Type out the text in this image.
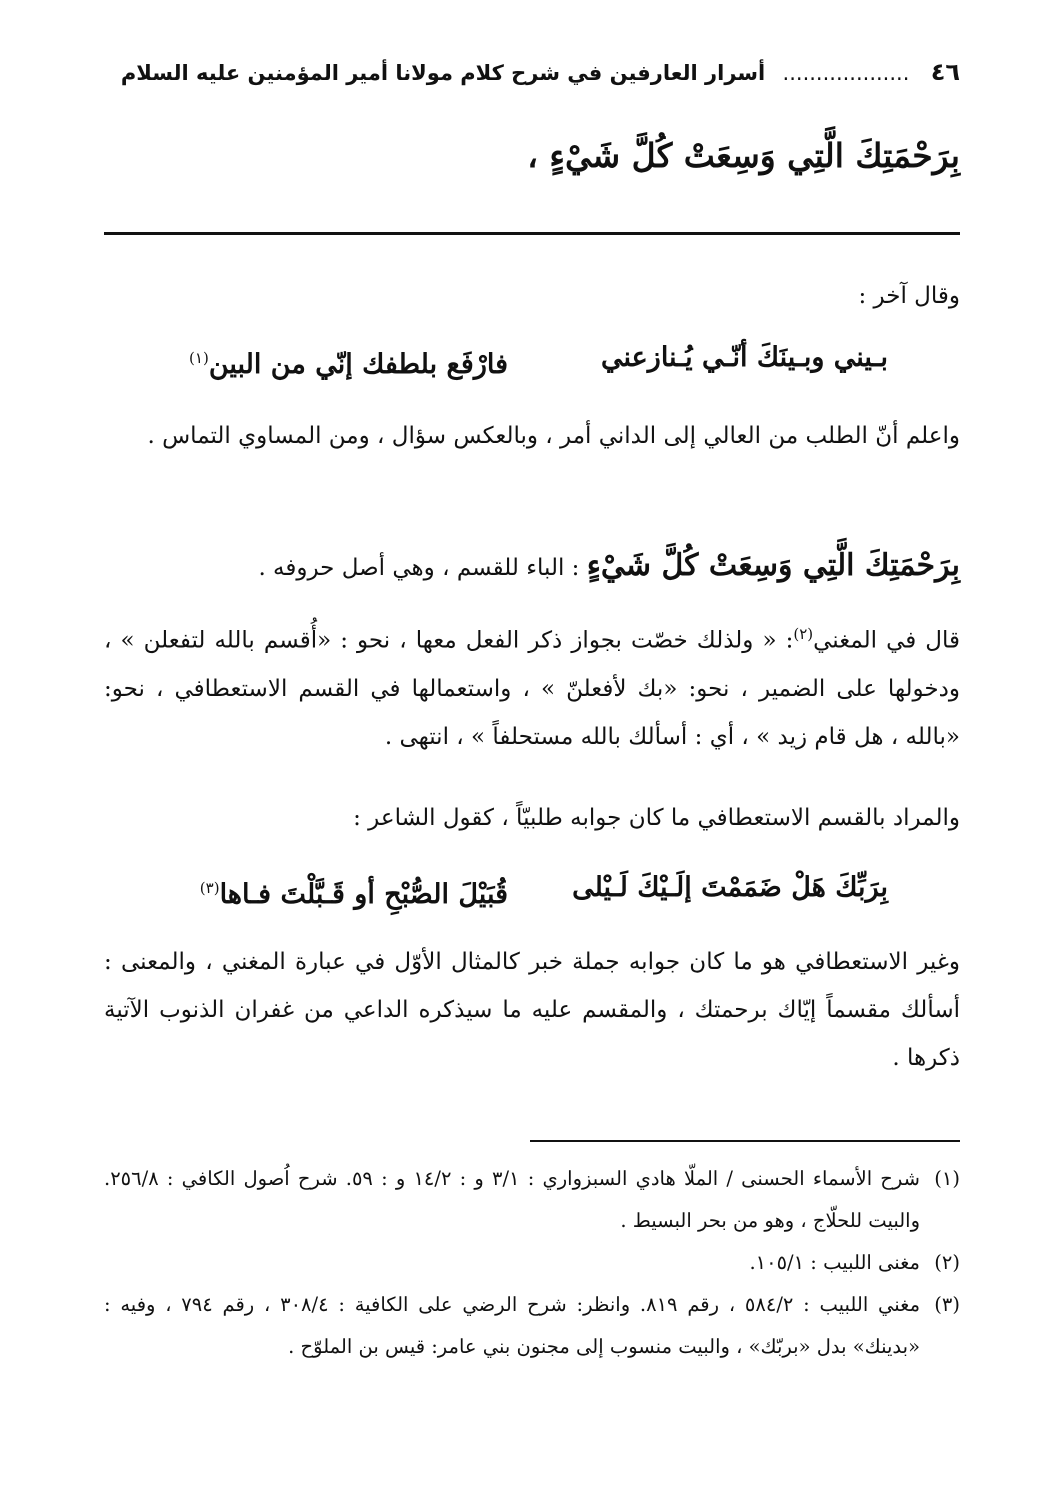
٤٦ ................... أسرار العارفين في شرح كلام مولانا أمير المؤمنين عليه السلام
بِرَحْمَتِكَ الَّتِي وَسِعَتْ كُلَّ شَيْءٍ ،

وقال آخر :

بـيني وبـينَكَ أنّـي يُـنازعني
فارْفَع بلطفك إنّي من البين$^{(١)}$

واعلم أنّ الطلب من العالي إلى الداني أمر ، وبالعكس سؤال ، ومن المساوي التماس .

بِرَحْمَتِكَ الَّتِي وَسِعَتْ كُلَّ شَيْءٍ : الباء للقسم ، وهي أصل حروفه .

قال في المغني$^{(٢)}$: « ولذلك خصّت بجواز ذكر الفعل معها ، نحو : «أُقسم بالله لتفعلن » ، ودخولها على الضمير ، نحو: «بك لأفعلنّ » ، واستعمالها في القسم الاستعطافي ، نحو: «بالله ، هل قام زيد » ، أي : أسألك بالله مستحلفاً » ، انتهى .

والمراد بالقسم الاستعطافي ما كان جوابه طلبيّاً ، كقول الشاعر :

بِرَبِّكَ هَلْ ضَمَمْتَ إلَـيْكَ لَـيْلى
قُبَيْلَ الصُّبْحِ أو قَـبَّلْتَ فـاها$^{(٣)}$

وغير الاستعطافي هو ما كان جوابه جملة خبر كالمثال الأوّل في عبارة المغني ، والمعنى : أسألك مقسماً إيّاك برحمتك ، والمقسم عليه ما سيذكره الداعي من غفران الذنوب الآتية ذكرها .

(١)
شرح الأسماء الحسنى / الملّا هادي السبزواري : ٣/١ و : ١٤/٢ و : ٥٩. شرح اُصول الكافي : ٢٥٦/٨. والبيت للحلّاج ، وهو من بحر البسيط .

(٢)
مغنى اللبيب : ١٠٥/١.

(٣)
مغني اللبيب : ٥٨٤/٢ ، رقم ٨١٩. وانظر: شرح الرضي على الكافية : ٣٠٨/٤ ، رقم ٧٩٤ ، وفيه : «بدينك» بدل «بربّك» ، والبيت منسوب إلى مجنون بني عامر: قيس بن الملوّح .
